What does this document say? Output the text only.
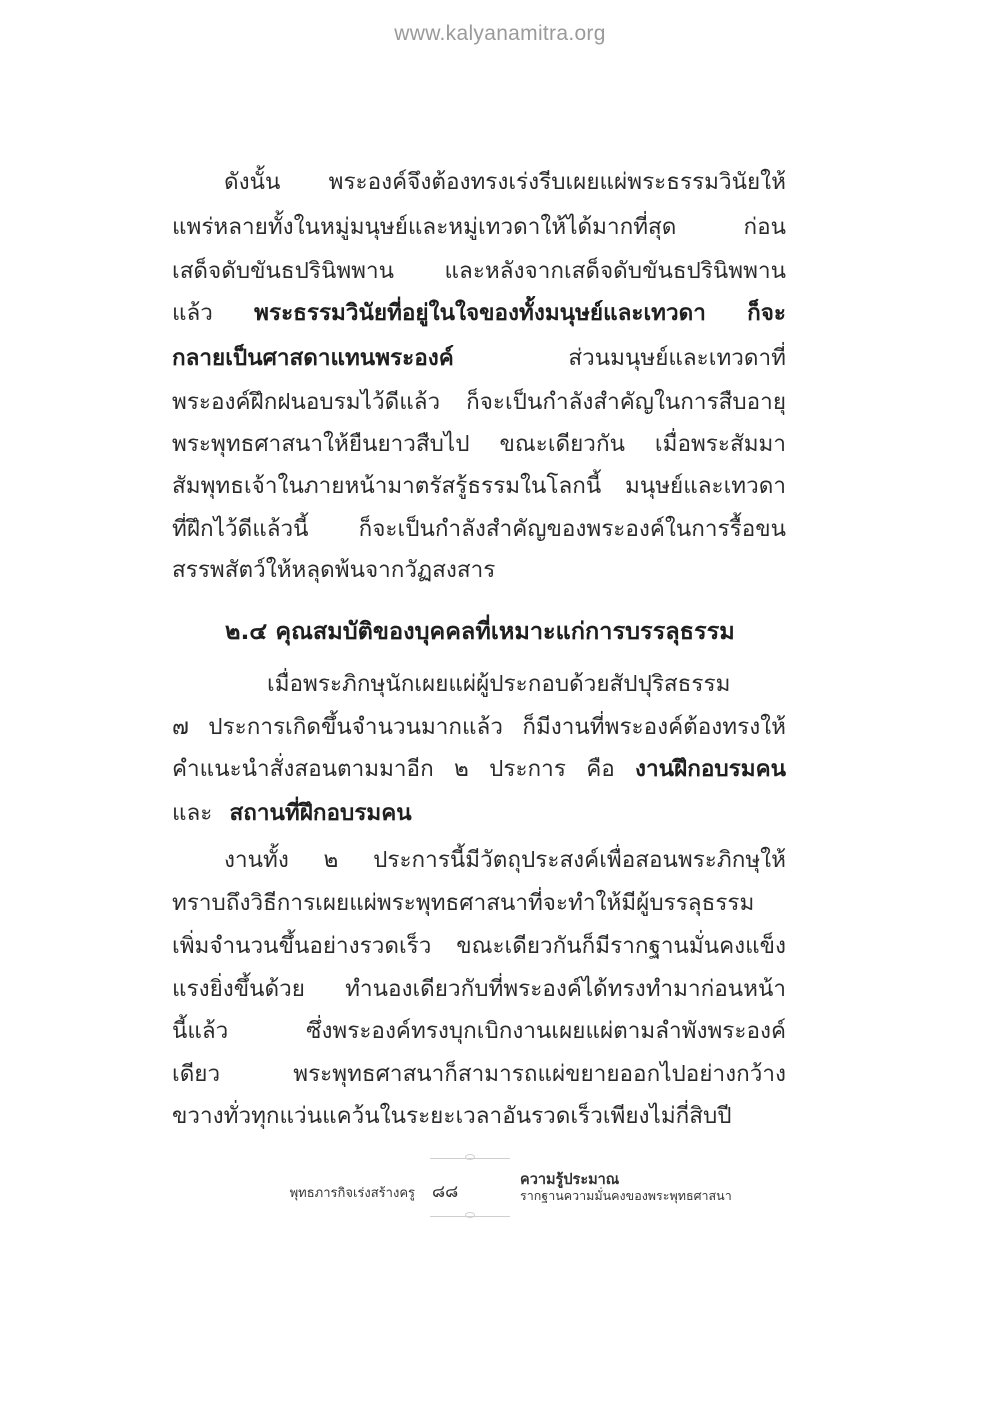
www.kalyanamitra.org
ดังนั้น พระองค์จึงต้องทรงเร่งรีบเผยแผ่พระธรรมวินัยให้
แพร่หลายทั้งในหมู่มนุษย์และหมู่เทวดาให้ได้มากที่สุด	ก่อน
เสด็จดับขันธปรินิพพาน และหลังจากเสด็จดับขันธปรินิพพาน
แล้ว พระธรรมวินัยที่อยู่ในใจของทั้งมนุษย์และเทวดา ก็จะ
กลายเป็นศาสดาแทนพระองค์	ส่วนมนุษย์และเทวดาที่
พระองค์ฝึกฝนอบรมไว้ดีแล้ว ก็จะเป็นกำลังสำคัญในการสืบอายุ
พระพุทธศาสนาให้ยืนยาวสืบไป ขณะเดียวกัน เมื่อพระสัมมา
สัมพุทธเจ้าในภายหน้ามาตรัสรู้ธรรมในโลกนี้ มนุษย์และเทวดา
ที่ฝึกไว้ดีแล้วนี้ ก็จะเป็นกำลังสำคัญของพระองค์ในการรื้อขน
สรรพสัตว์ให้หลุดพ้นจากวัฏสงสาร
๒.๔ คุณสมบัติของบุคคลที่เหมาะแก่การบรรลุธรรม
เมื่อพระภิกษุนักเผยแผ่ผู้ประกอบด้วยสัปปุริสธรรม
๗ ประการเกิดขึ้นจำนวนมากแล้ว ก็มีงานที่พระองค์ต้องทรงให้
คำแนะนำสั่งสอนตามมาอีก ๒ ประการ คือ งานฝึกอบรมคน
และ สถานที่ฝึกอบรมคน
งานทั้ง ๒ ประการนี้มีวัตถุประสงค์เพื่อสอนพระภิกษุให้
ทราบถึงวิธีการเผยแผ่พระพุทธศาสนาที่จะทำให้มีผู้บรรลุธรรม
เพิ่มจำนวนขึ้นอย่างรวดเร็ว ขณะเดียวกันก็มีรากฐานมั่นคงแข็ง
แรงยิ่งขึ้นด้วย ทำนองเดียวกับที่พระองค์ได้ทรงทำมาก่อนหน้า
นี้แล้ว	ซึ่งพระองค์ทรงบุกเบิกงานเผยแผ่ตามลำพังพระองค์
เดียว	พระพุทธศาสนาก็สามารถแผ่ขยายออกไปอย่างกว้าง
ขวางทั่วทุกแว่นแคว้นในระยะเวลาอันรวดเร็วเพียงไม่กี่สิบปี
พุทธภารกิจเร่งสร้างครู ๘๘
ความรู้ประมาณ
รากฐานความมั่นคงของพระพุทธศาสนา
